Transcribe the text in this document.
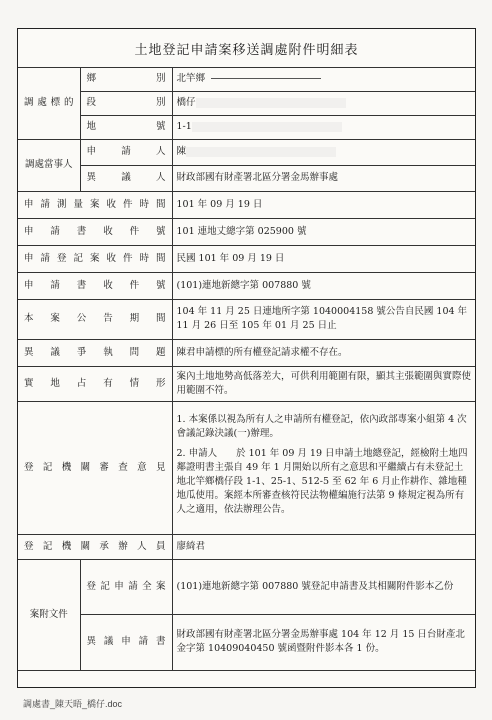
土地登記申請案移送調處附件明細表
調處標的	鄉別	北竿鄉
	段別	橋仔
	地號	1-1
調處當事人	申請人	陳
	異議人	財政部國有財產署北區分署金馬辦事處
申請測量案收件時間		101 年 09 月 19 日
申請書收件號		101 連地丈總字第 025900 號
申請登記案收件時間		民國 101 年 09 月 19 日
申請書收件號		(101)連地新總字第 007880 號
本案公告期間		104 年 11 月 25 日連地所字第 1040004158 號公告自民國 104 年 11 月 26 日至 105 年 01 月 25 日止
異議爭執問題		陳君申請標的所有權登記請求權不存在。
實地占有情形		案內土地地勢高低落差大，可供利用範圍有限，顯其主張範圍與實際使用範圍不符。
登記機關審查意見		1. 本案係以視為所有人之申請所有權登記，依內政部專案小組第 4 次會議記錄決議(一)辦理。

2. 申請人　　於 101 年 09 月 19 日申請土地總登記，經檢附土地四鄰證明書主張自 49 年 1 月開始以所有之意思和平繼續占有未登記土地北竿鄉橋仔段 1-1、25-1、512-5 至 62 年 6 月止作耕作、雜地種地瓜使用。案經本所審查核符民法物權編施行法第 9 條規定視為所有人之適用，依法辦理公告。

登記機關承辦人員		廖綺君
案附文件	登記申請全案	(101)連地新總字第 007880 號登記申請書及其相關附件影本乙份
	異議申請書	財政部國有財產署北區分署金馬辦事處 104 年 12 月 15 日台財產北金字第 10409040450 號函暨附件影本各 1 份。
調處書_陳天晤_橋仔.doc
